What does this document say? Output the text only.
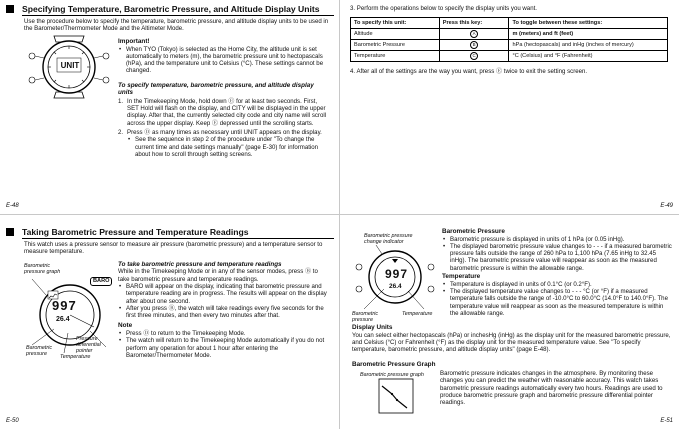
Specifying Temperature, Barometric Pressure, and Altitude Display Units
Use the procedure below to specify the temperature, barometric pressure, and altitude display units to be used in the Barometer/Thermometer Mode and the Altimeter Mode.
UNIT
Important!
• When TYO (Tokyo) is selected as the Home City, the altitude unit is set automatically to meters (m), the barometric pressure unit to hectopascals (hPa), and the temperature unit to Celsius (°C). These settings cannot be changed.
To specify temperature, barometric pressure, and altitude display units
1. In the Timekeeping Mode, hold down Ⓔ for at least two seconds. First, SET Hold will flash on the display, and CITY will be displayed in the upper display. After that, the currently selected city code and city name will scroll across the upper display. Keep Ⓔ depressed until the scrolling starts.
2. Press Ⓓ as many times as necessary until UNIT appears on the display.
• See the sequence in step 2 of the procedure under "To change the current time and date settings manually" (page E-30) for information about how to scroll through setting screens.
E-48
3. Perform the operations below to specify the display units you want.
To specify this unit:	Press this key:	To toggle between these settings:
Altitude	A	m (meters) and ft (feet)
Barometric Pressure	B	hPa (hectopascals) and inHg (inches of mercury)
Temperature	C	°C (Celsius) and °F (Fahrenheit)
4. After all of the settings are the way you want, press Ⓔ twice to exit the setting screen.
E-49
Taking Barometric Pressure and Temperature Readings
This watch uses a pressure sensor to measure air pressure (barometric pressure) and a temperature sensor to measure temperature.
Barometric pressure graph
997
26.4
BARO
Barometric pressure
Pressure differential pointer
Temperature
To take barometric pressure and temperature readings
While in the Timekeeping Mode or in any of the sensor modes, press Ⓑ to take barometric pressure and temperature readings.
• BARO will appear on the display, indicating that barometric pressure and temperature reading are in progress. The results will appear on the display after about one second.
• After you press Ⓑ, the watch will take readings every five seconds for the first three minutes, and then every two minutes after that.
Note
• Press Ⓓ to return to the Timekeeping Mode.
• The watch will return to the Timekeeping Mode automatically if you do not perform any operation for about 1 hour after entering the Barometer/Thermometer Mode.
E-50
Barometric pressure change indicator
997
26.4
Barometric pressure
Temperature
Barometric Pressure
• Barometric pressure is displayed in units of 1 hPa (or 0.05 inHg).
• The displayed barometric pressure value changes to - - - if a measured barometric pressure falls outside the range of 260 hPa to 1,100 hPa (7.65 inHg to 32.45 inHg). The barometric pressure value will reappear as soon as the measured barometric pressure is within the allowable range.
Temperature
• Temperature is displayed in units of 0.1°C (or 0.2°F).
• The displayed temperature value changes to - - - °C (or °F) if a measured temperature falls outside the range of -10.0°C to 60.0°C (14.0°F to 140.0°F). The temperature value will reappear as soon as the measured temperature is within the allowable range.
Display Units
You can select either hectopascals (hPa) or inchesHg (inHg) as the display unit for the measured barometric pressure, and Celsius (°C) or Fahrenheit (°F) as the display unit for the measured temperature value. See "To specify temperature, barometric pressure, and altitude display units" (page E-48).
Barometric Pressure Graph
Barometric pressure graph	Barometric pressure indicates changes in the atmosphere. By monitoring these changes you can predict the weather with reasonable accuracy. This watch takes barometric pressure readings automatically every two hours. Readings are used to produce barometric pressure graph and barometric pressure differential pointer readings.
E-51
